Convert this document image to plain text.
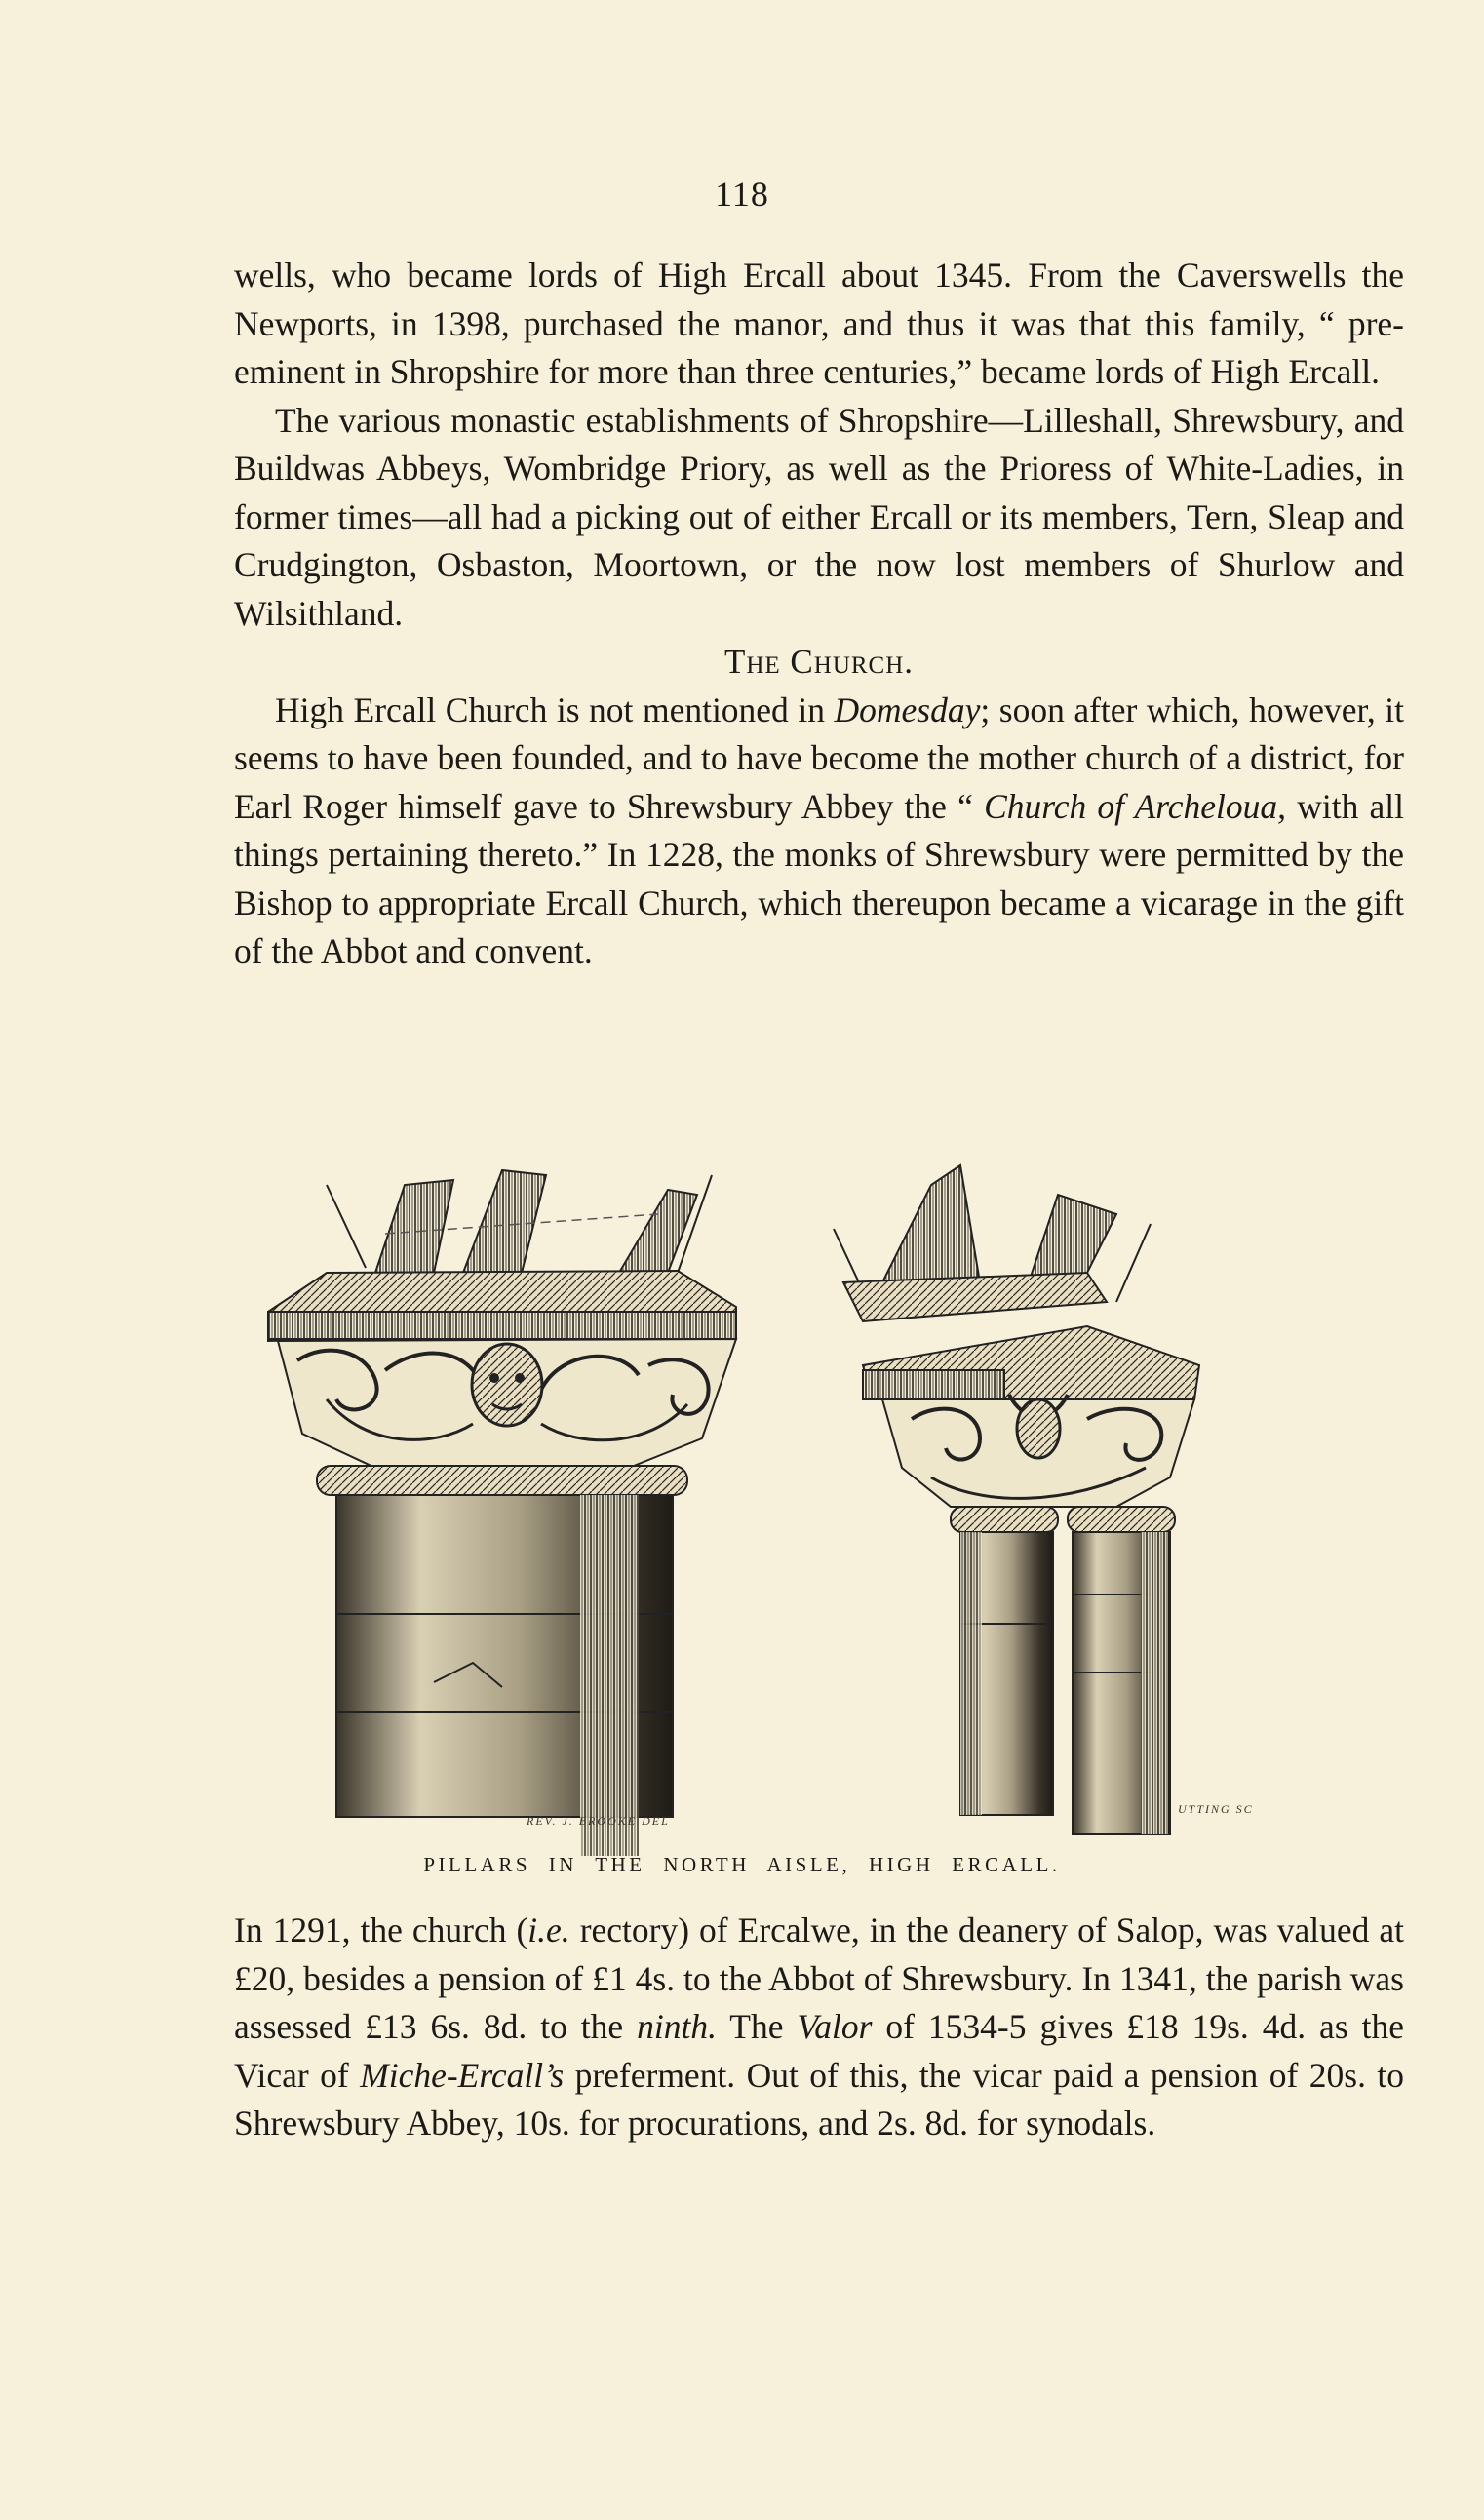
118

wells, who became lords of High Ercall about 1345. From the Caverswells the Newports, in 1398, purchased the manor, and thus it was that this family, “ pre-eminent in Shropshire for more than three centuries,” became lords of High Ercall.

The various monastic establishments of Shropshire—Lilleshall, Shrewsbury, and Buildwas Abbeys, Wombridge Priory, as well as the Prioress of White-Ladies, in former times—all had a picking out of either Ercall or its members, Tern, Sleap and Crudgington, Osbaston, Moortown, or the now lost members of Shurlow and Wilsithland.

The Church.

High Ercall Church is not mentioned in Domesday; soon after which, however, it seems to have been founded, and to have become the mother church of a district, for Earl Roger himself gave to Shrewsbury Abbey the “ Church of Archeloua, with all things pertaining thereto.” In 1228, the monks of Shrewsbury were permitted by the Bishop to appropriate Ercall Church, which thereupon became a vicarage in the gift of the Abbot and convent.

REV. J. BROOKE DEL
UTTING SC
PILLARS IN THE NORTH AISLE, HIGH ERCALL.

In 1291, the church (i.e. rectory) of Ercalwe, in the deanery of Salop, was valued at £20, besides a pension of £1 4s. to the Abbot of Shrewsbury. In 1341, the parish was assessed £13 6s. 8d. to the ninth. The Valor of 1534-5 gives £18 19s. 4d. as the Vicar of Miche-Ercall’s preferment. Out of this, the vicar paid a pension of 20s. to Shrewsbury Abbey, 10s. for procurations, and 2s. 8d. for synodals.
